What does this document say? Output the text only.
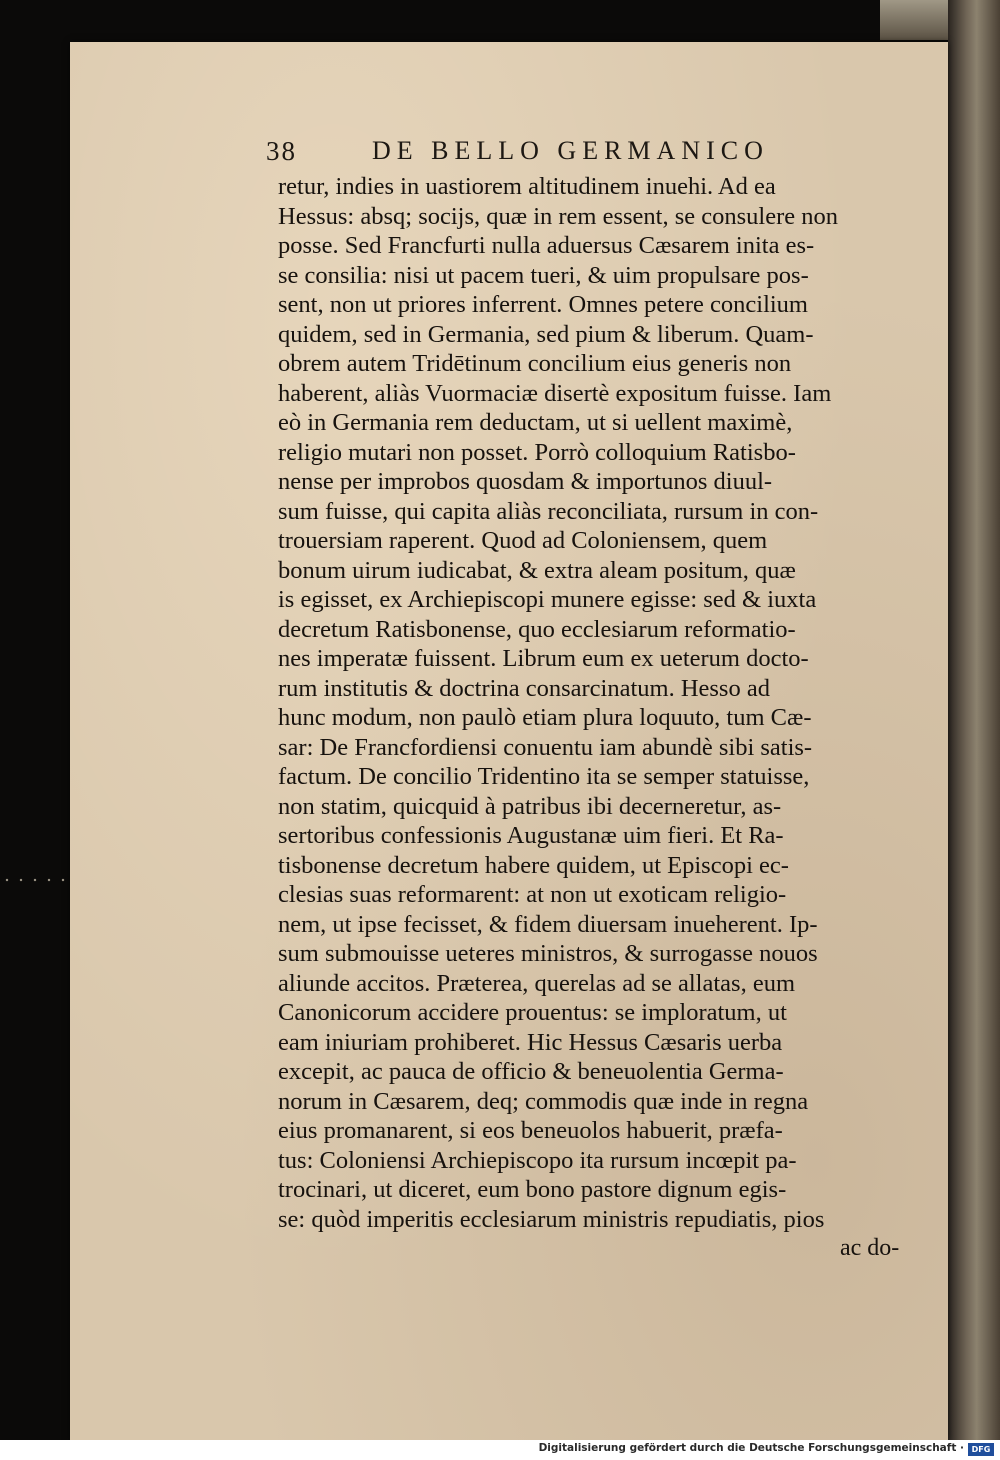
38	DE BELLO GERMANICO
retur, indies in uastiorem altitudinem inuehi. Ad ea
Hessus: absq; socijs, quæ in rem essent, se consulere non
posse. Sed Francfurti nulla aduersus Cæsarem inita es-
se consilia: nisi ut pacem tueri, & uim propulsare pos-
sent, non ut priores inferrent. Omnes petere concilium
quidem, sed in Germania, sed pium & liberum. Quam-
obrem autem Tridētinum concilium eius generis non
haberent, aliàs Vuormaciæ disertè expositum fuisse. Iam
eò in Germania rem deductam, ut si uellent maximè,
religio mutari non posset. Porrò colloquium Ratisbo-
nense per improbos quosdam & importunos diuul-
sum fuisse, qui capita aliàs reconciliata, rursum in con-
trouersiam raperent. Quod ad Coloniensem, quem
bonum uirum iudicabat, & extra aleam positum, quæ
is egisset, ex Archiepiscopi munere egisse: sed & iuxta
decretum Ratisbonense, quo ecclesiarum reformatio-
nes imperatæ fuissent. Librum eum ex ueterum docto-
rum institutis & doctrina consarcinatum. Hesso ad
hunc modum, non paulò etiam plura loquuto, tum Cæ-
sar: De Francfordiensi conuentu iam abundè sibi satis-
factum. De concilio Tridentino ita se semper statuisse,
non statim, quicquid à patribus ibi decerneretur, as-
sertoribus confessionis Augustanæ uim fieri. Et Ra-
tisbonense decretum habere quidem, ut Episcopi ec-
clesias suas reformarent: at non ut exoticam religio-
nem, ut ipse fecisset, & fidem diuersam inueherent. Ip-
sum submouisse ueteres ministros, & surrogasse nouos
aliunde accitos. Præterea, querelas ad se allatas, eum
Canonicorum accidere prouentus: se imploratum, ut
eam iniuriam prohiberet. Hic Hessus Cæsaris uerba
excepit, ac pauca de officio & beneuolentia Germa-
norum in Cæsarem, deq; commodis quæ inde in regna
eius promanarent, si eos beneuolos habuerit, præfa-
tus: Coloniensi Archiepiscopo ita rursum incœpit pa-
trocinari, ut diceret, eum bono pastore dignum egis-
se: quòd imperitis ecclesiarum ministris repudiatis, pios
ac do-
Digitalisierung gefördert durch die Deutsche Forschungsgemeinschaft · DFG
